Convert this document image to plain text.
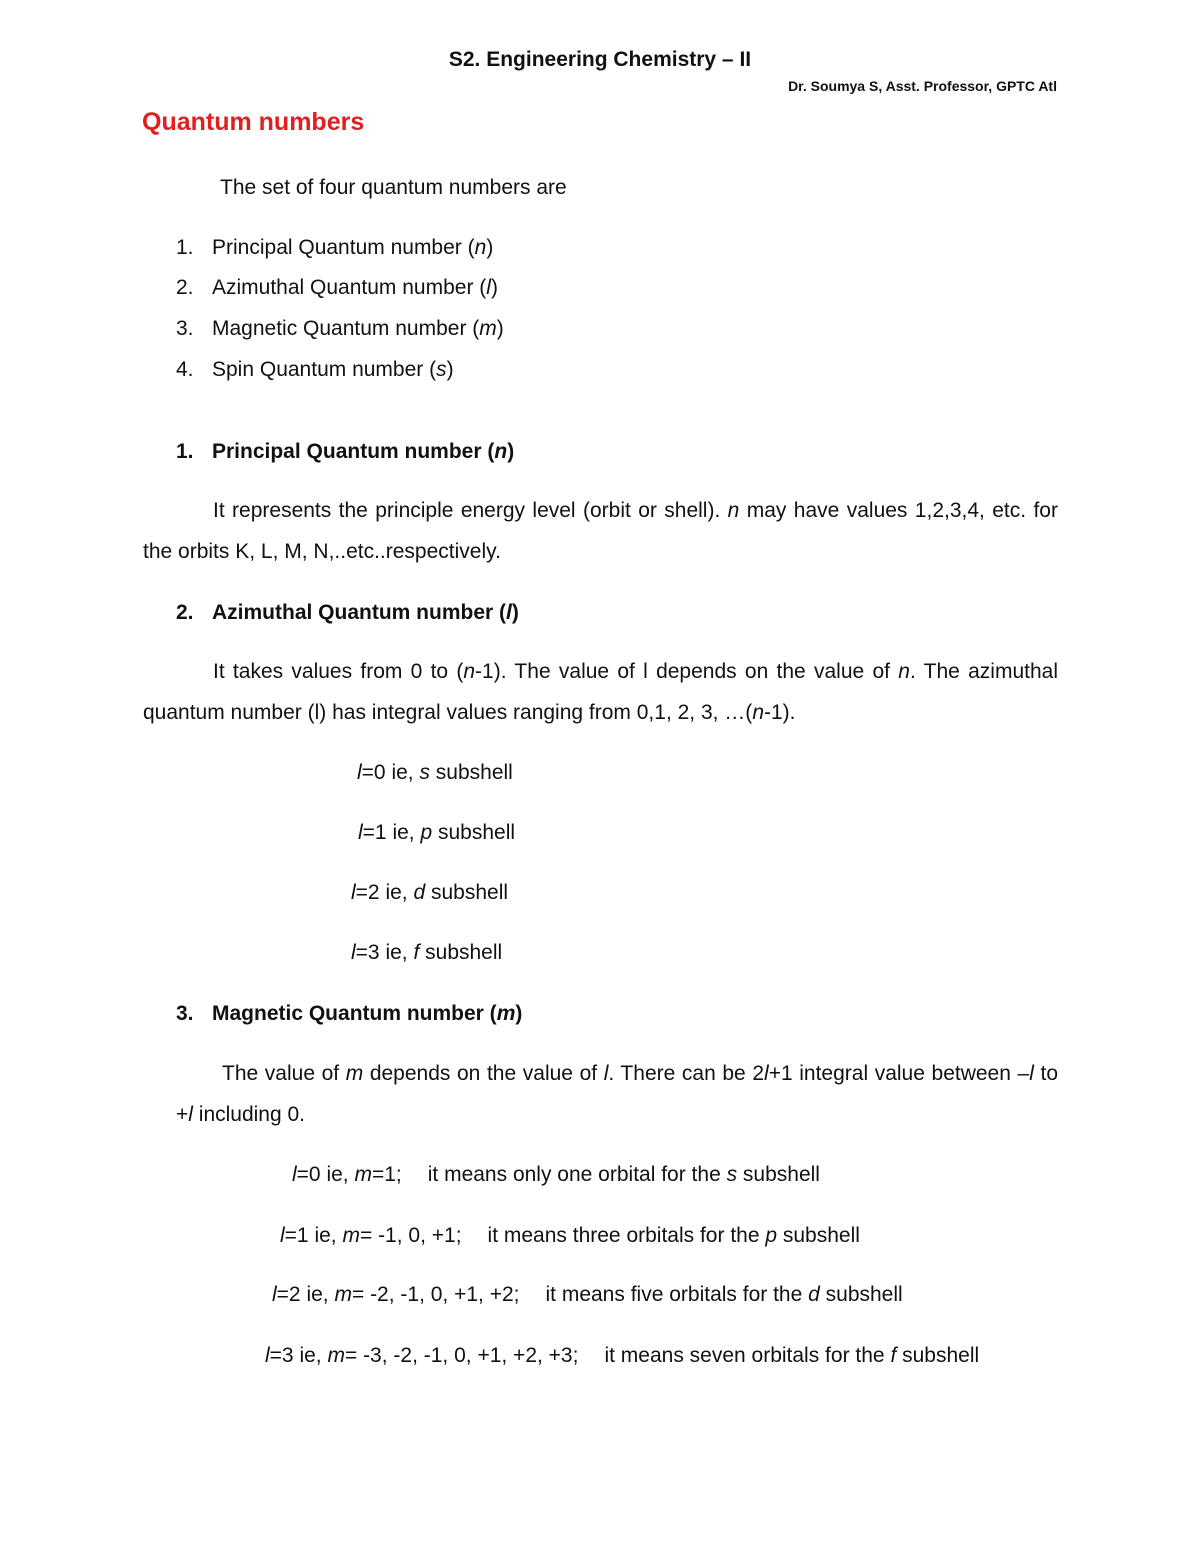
S2. Engineering Chemistry – II
Dr. Soumya S, Asst. Professor, GPTC Atl
Quantum numbers
The set of four quantum numbers are
1. Principal Quantum number (n)
2. Azimuthal Quantum number (l)
3. Magnetic Quantum number (m)
4. Spin Quantum number (s)
1. Principal Quantum number (n)
It represents the principle energy level (orbit or shell). n may have values 1,2,3,4, etc. for the orbits K, L, M, N,..etc..respectively.
2. Azimuthal Quantum number (l)
It takes values from 0 to (n-1). The value of l depends on the value of n. The azimuthal quantum number (l) has integral values ranging from 0,1, 2, 3, …(n-1).
l=0 ie, s subshell
l=1 ie, p subshell
l=2 ie, d subshell
l=3 ie, f subshell
3. Magnetic Quantum number (m)
The value of m depends on the value of l. There can be 2l+1 integral value between –l to +l including 0.
l=0 ie, m=1; it means only one orbital for the s subshell
l=1 ie, m= -1, 0, +1; it means three orbitals for the p subshell
l=2 ie, m= -2, -1, 0, +1, +2; it means five orbitals for the d subshell
l=3 ie, m= -3, -2, -1, 0, +1, +2, +3; it means seven orbitals for the f subshell
